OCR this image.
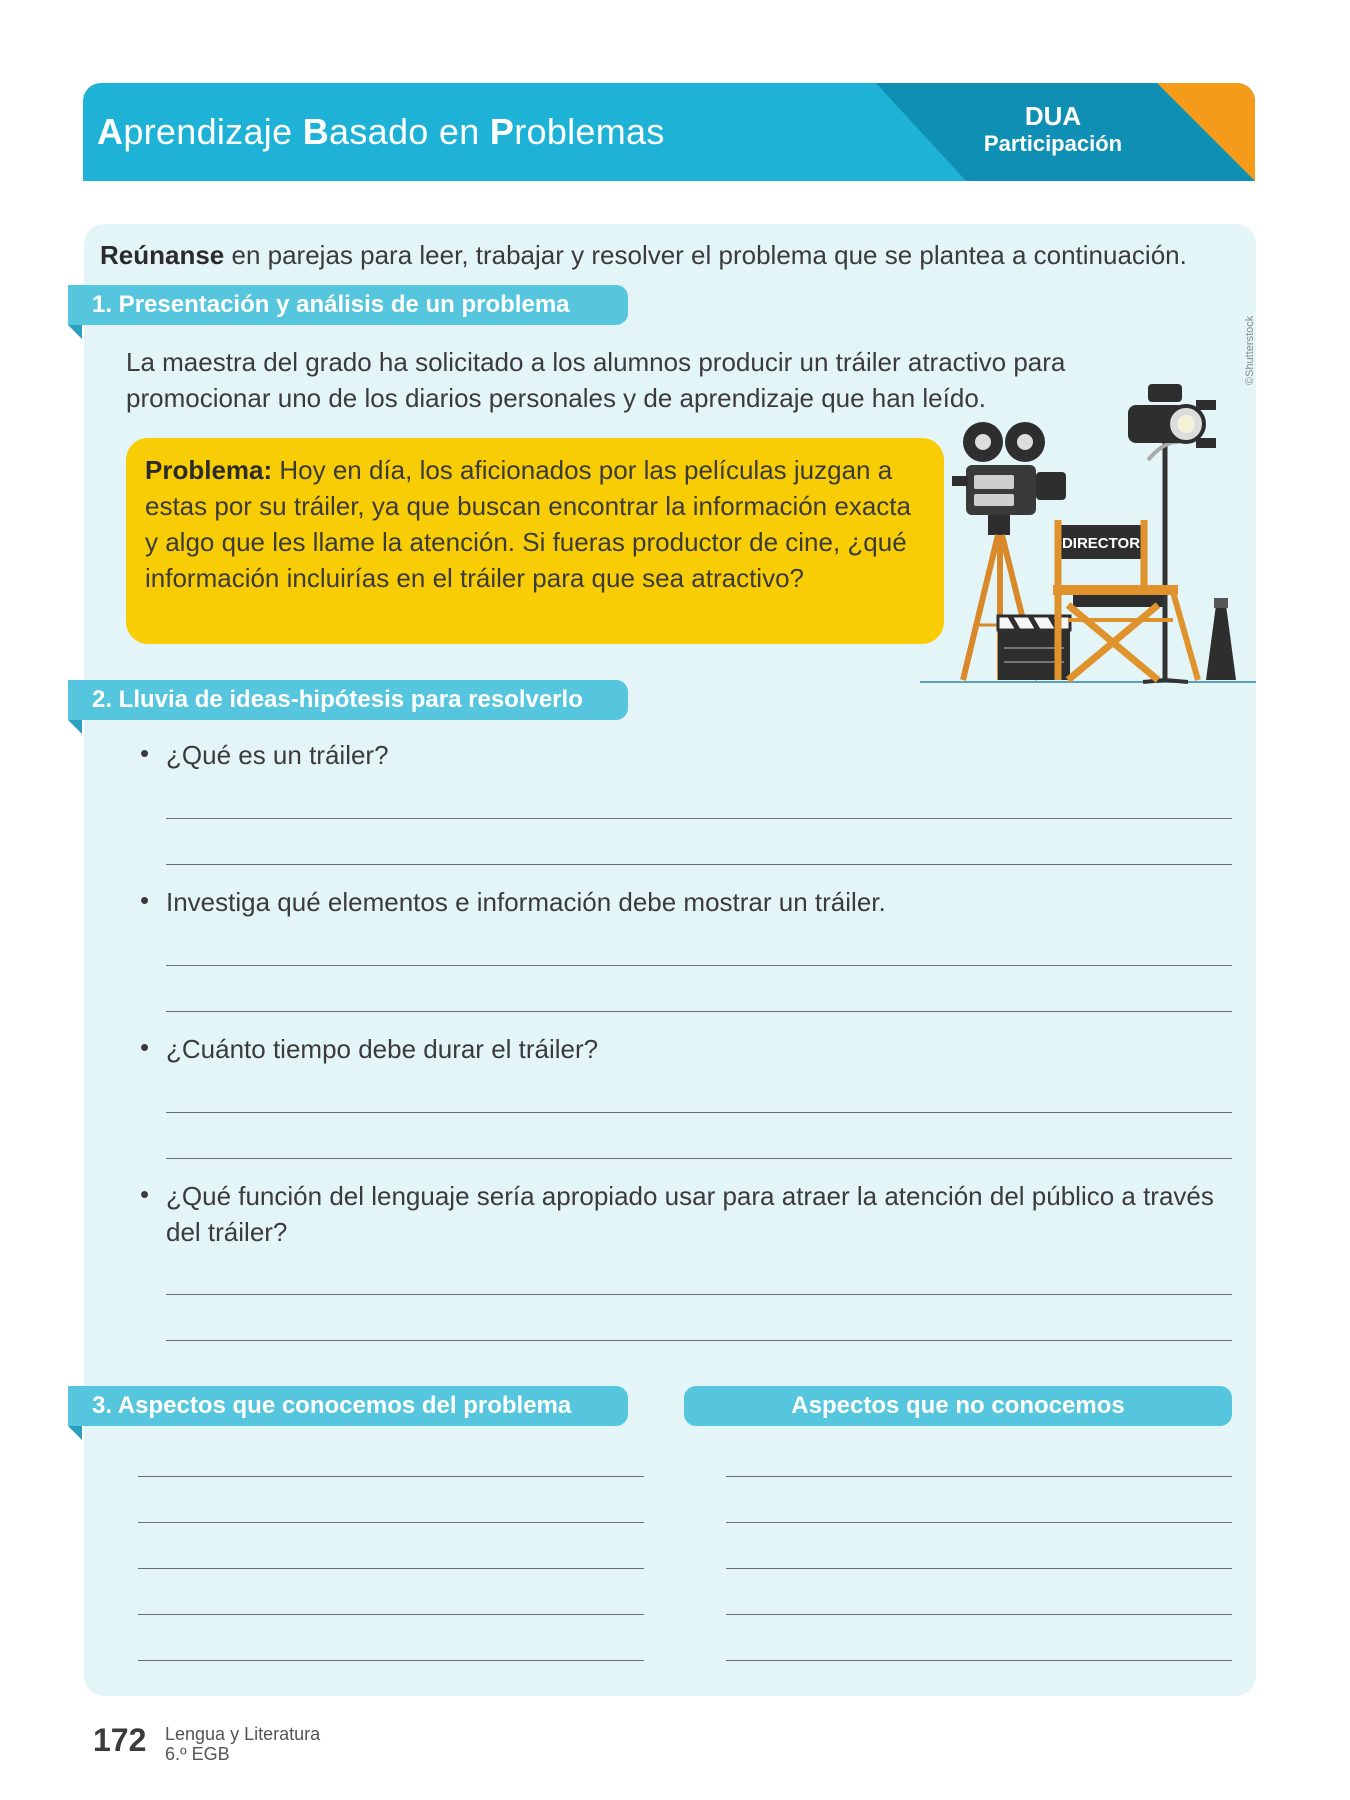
Aprendizaje Basado en Problemas	DUA
Participación
Reúnanse en parejas para leer, trabajar y resolver el problema que se plantea a continuación.
1. Presentación y análisis de un problema
La maestra del grado ha solicitado a los alumnos producir un tráiler atractivo para promocionar uno de los diarios personales y de aprendizaje que han leído.
Problema: Hoy en día, los aficionados por las películas juzgan a estas por su tráiler, ya que buscan encontrar la información exacta y algo que les llame la atención. Si fueras productor de cine, ¿qué información incluirías en el tráiler para que sea atractivo?
DIRECTOR
©Shutterstock
2. Lluvia de ideas-hipótesis para resolverlo
• ¿Qué es un tráiler?
• Investiga qué elementos e información debe mostrar un tráiler.
• ¿Cuánto tiempo debe durar el tráiler?
• ¿Qué función del lenguaje sería apropiado usar para atraer la atención del público a través del tráiler?
3. Aspectos que conocemos del problema	Aspectos que no conocemos
172 Lengua y Literatura
6.º EGB
